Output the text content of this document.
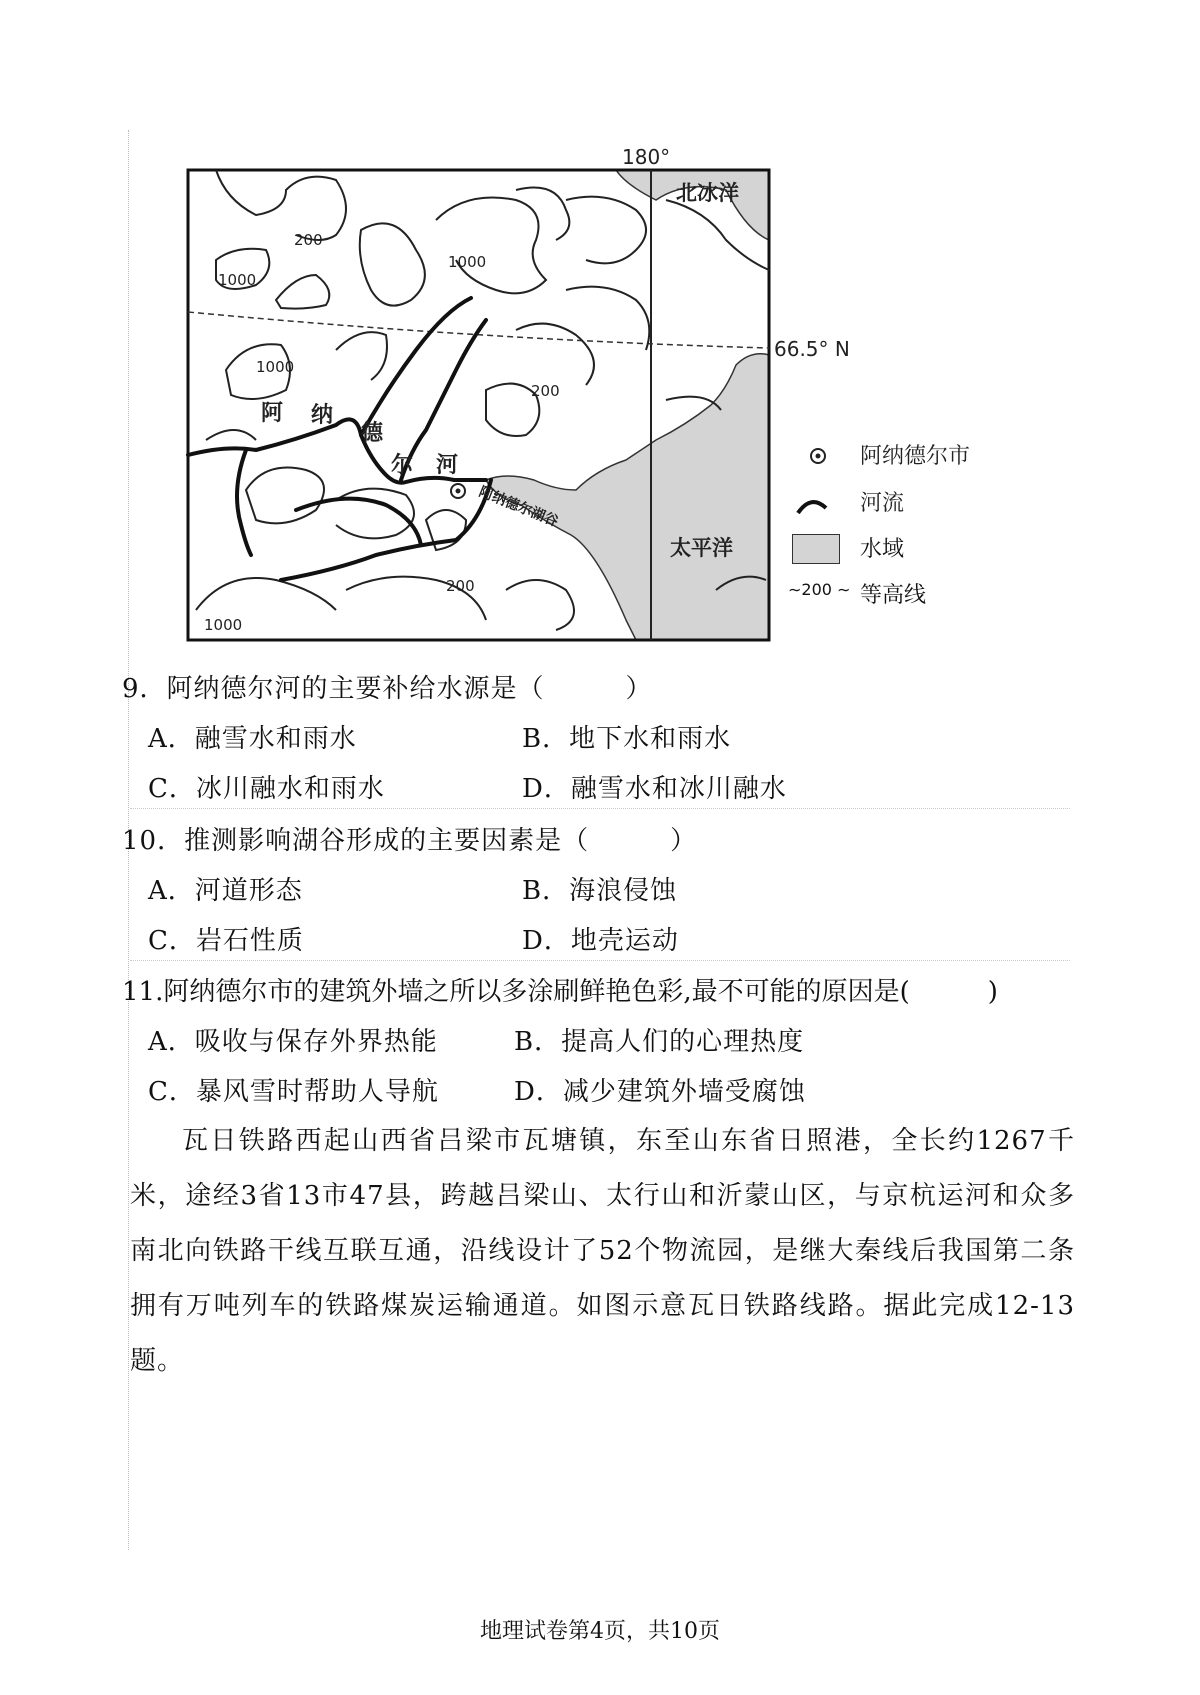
180°
66.5° N
北冰洋
太平洋
阿 纳
德
尔 河
阿纳德尔湖谷
200
1000
1000
1000
200
200
1000
阿纳德尔市
河流
水域
∼200 ∼ 等高线
9．阿纳德尔河的主要补给水源是（　　　）
A．融雪水和雨水	B．地下水和雨水
C．冰川融水和雨水	D．融雪水和冰川融水
10．推测影响湖谷形成的主要因素是（　　　）
A．河道形态	B．海浪侵蚀
C．岩石性质	D．地壳运动
11.阿纳德尔市的建筑外墙之所以多涂刷鲜艳色彩,最不可能的原因是(　　　)
A．吸收与保存外界热能	B．提高人们的心理热度
C．暴风雪时帮助人导航	D．减少建筑外墙受腐蚀

瓦日铁路西起山西省吕梁市瓦塘镇，东至山东省日照港，全长约1267千米，途经3省13市47县，跨越吕梁山、太行山和沂蒙山区，与京杭运河和众多南北向铁路干线互联互通，沿线设计了52个物流园，是继大秦线后我国第二条拥有万吨列车的铁路煤炭运输通道。如图示意瓦日铁路线路。据此完成12-13题。

地理试卷第4页，共10页
